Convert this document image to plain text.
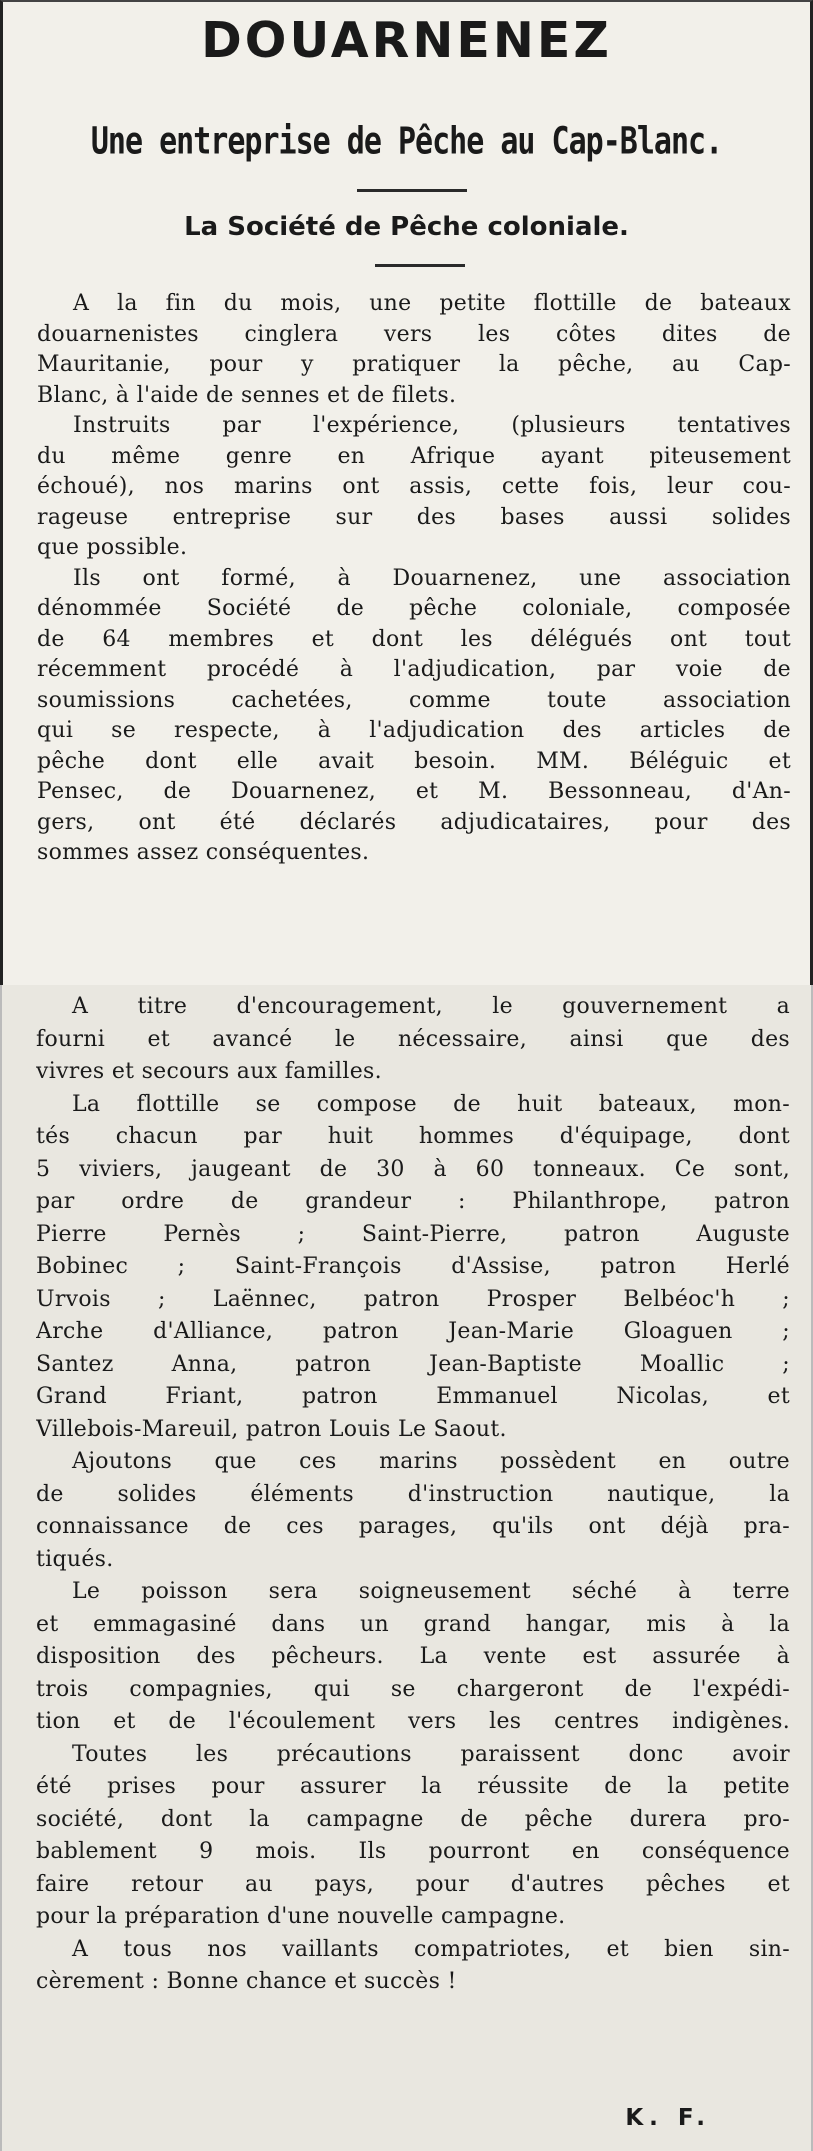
DOUARNENEZ
Une entreprise de Pêche au Cap-Blanc.
La Société de Pêche coloniale.
A la fin du mois, une petite flottille de bateaux
douarnenistes cinglera vers les côtes dites de
Mauritanie, pour y pratiquer la pêche, au Cap-
Blanc, à l'aide de sennes et de filets.
Instruits par l'expérience, (plusieurs tentatives
du même genre en Afrique ayant piteusement
échoué), nos marins ont assis, cette fois, leur cou-
rageuse entreprise sur des bases aussi solides
que possible.
Ils ont formé, à Douarnenez, une association
dénommée Société de pêche coloniale, composée
de 64 membres et dont les délégués ont tout
récemment procédé à l'adjudication, par voie de
soumissions cachetées, comme toute association
qui se respecte, à l'adjudication des articles de
pêche dont elle avait besoin. MM. Béléguic et
Pensec, de Douarnenez, et M. Bessonneau, d'An-
gers, ont été déclarés adjudicataires, pour des
sommes assez conséquentes.
A titre d'encouragement, le gouvernement a
fourni et avancé le nécessaire, ainsi que des
vivres et secours aux familles.
La flottille se compose de huit bateaux, mon-
tés chacun par huit hommes d'équipage, dont
5 viviers, jaugeant de 30 à 60 tonneaux. Ce sont,
par ordre de grandeur : Philanthrope, patron
Pierre Pernès ; Saint-Pierre, patron Auguste
Bobinec ; Saint-François d'Assise, patron Herlé
Urvois ; Laënnec, patron Prosper Belbéoc'h ;
Arche d'Alliance, patron Jean-Marie Gloaguen ;
Santez Anna, patron Jean-Baptiste Moallic ;
Grand Friant, patron Emmanuel Nicolas, et
Villebois-Mareuil, patron Louis Le Saout.
Ajoutons que ces marins possèdent en outre
de solides éléments d'instruction nautique, la
connaissance de ces parages, qu'ils ont déjà pra-
tiqués.
Le poisson sera soigneusement séché à terre
et emmagasiné dans un grand hangar, mis à la
disposition des pêcheurs. La vente est assurée à
trois compagnies, qui se chargeront de l'expédi-
tion et de l'écoulement vers les centres indigènes.
Toutes les précautions paraissent donc avoir
été prises pour assurer la réussite de la petite
société, dont la campagne de pêche durera pro-
bablement 9 mois. Ils pourront en conséquence
faire retour au pays, pour d'autres pêches et
pour la préparation d'une nouvelle campagne.
A tous nos vaillants compatriotes, et bien sin-
cèrement : Bonne chance et succès !
K. F.
